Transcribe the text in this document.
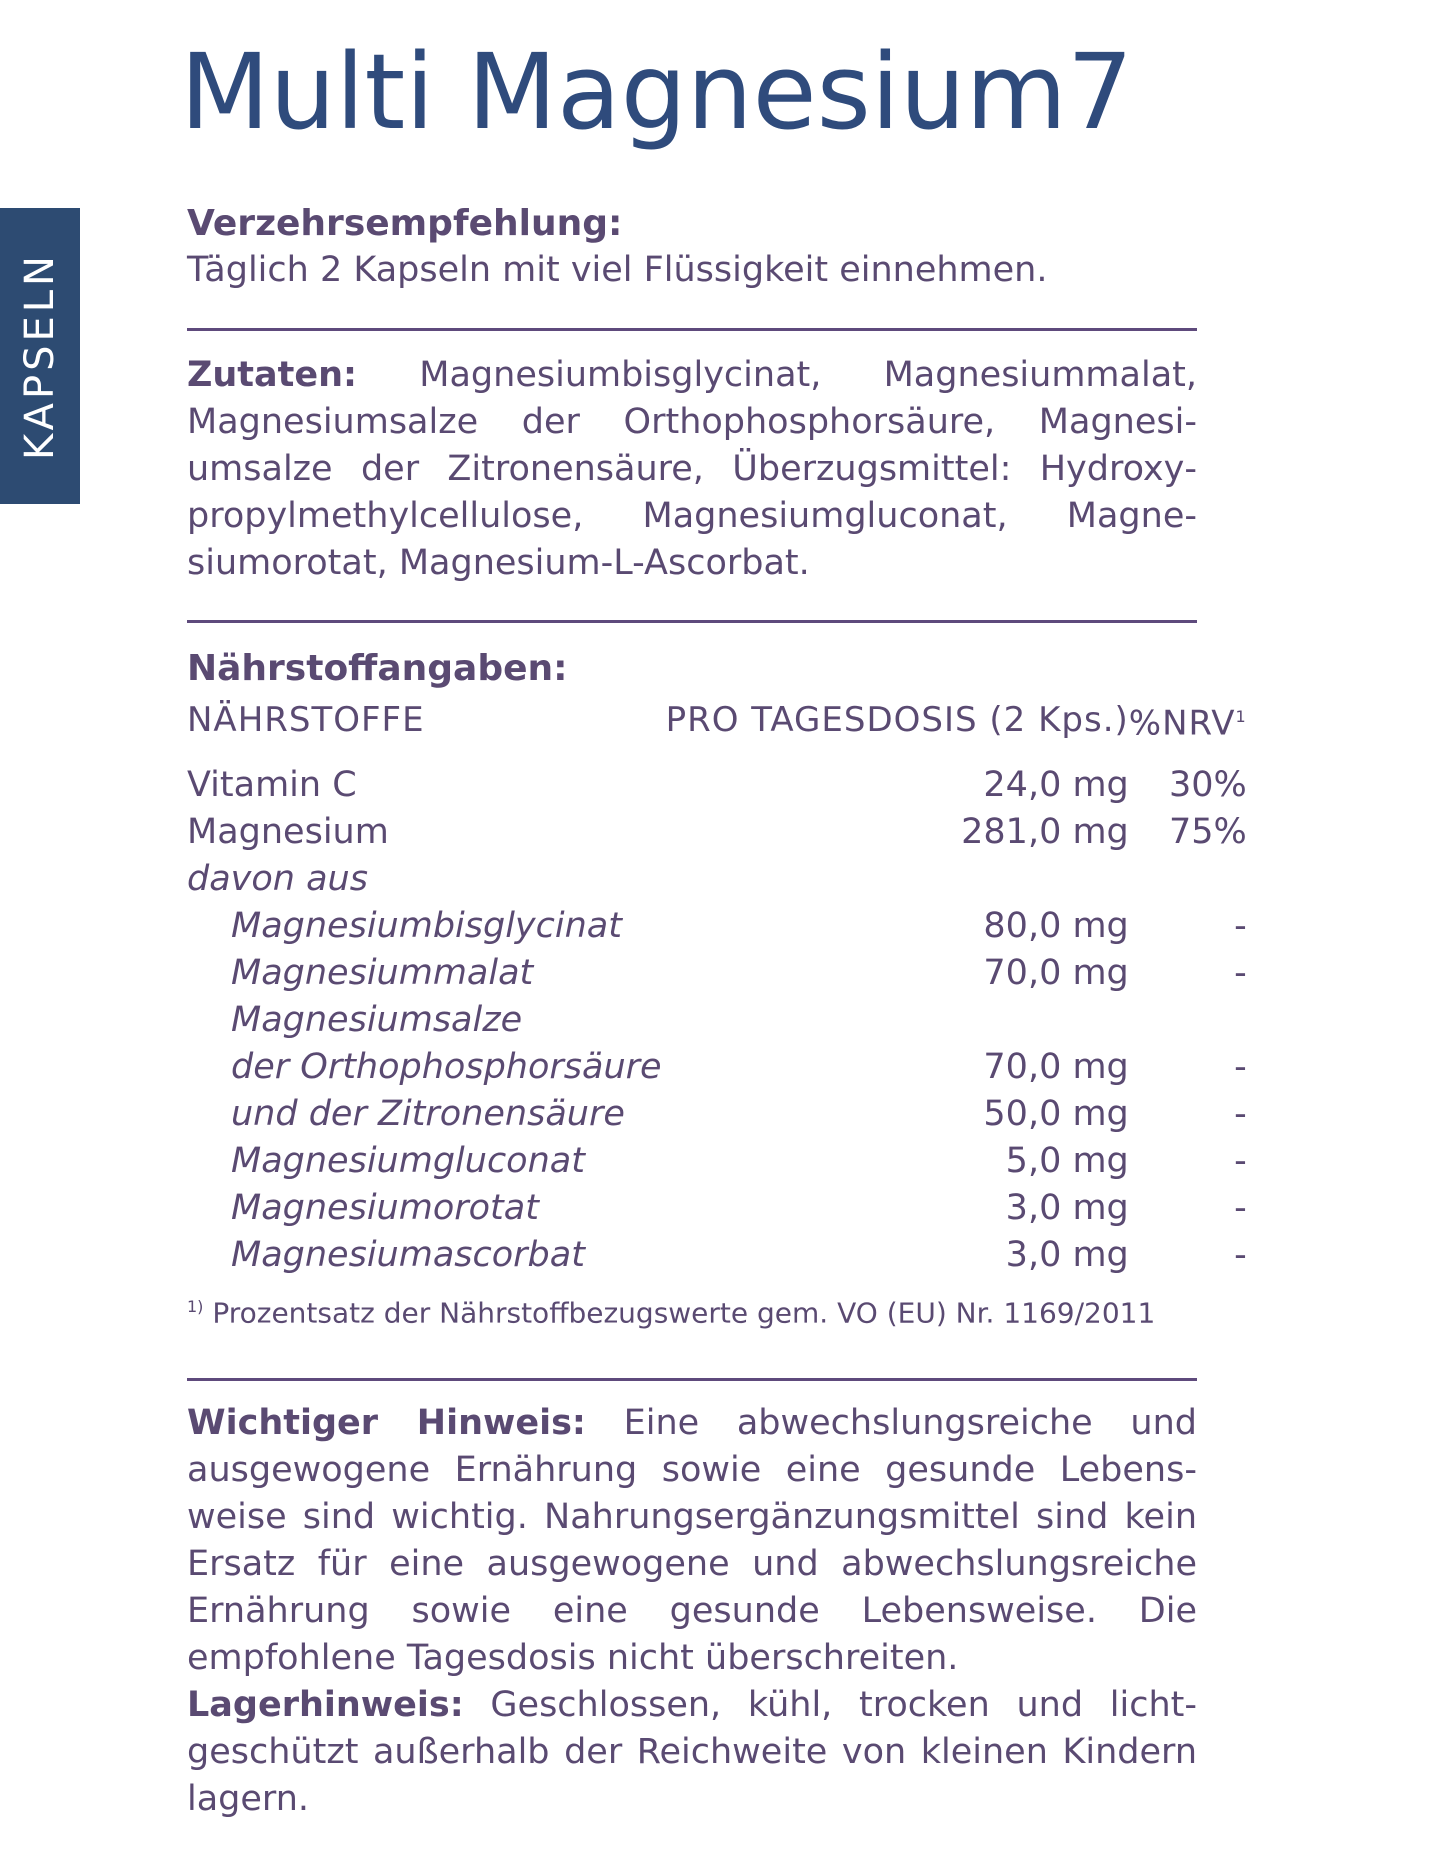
KAPSELN
Multi Magnesium7
Verzehrsempfehlung:
Täglich 2 Kapseln mit viel Flüssigkeit einnehmen.
Zutaten: Magnesiumbisglycinat, Magnesiummalat, Magnesiumsalze der Orthophosphorsäure, Magnesiumsalze der Zitronensäure, Überzugsmittel: Hydroxypropylmethylcellulose, Magnesiumgluconat, Magnesiumorotat, Magnesium-L-Ascorbat.
Nährstoffangaben:
NÄHRSTOFFE	PRO TAGESDOSIS (2 Kps.)	%NRV$^1$

Vitamin C	24,0 mg	30%
Magnesium	281,0 mg	75%
davon aus		
Magnesiumbisglycinat	80,0 mg	-
Magnesiummalat	70,0 mg	-
Magnesiumsalze		
der Orthophosphorsäure	70,0 mg	-
und der Zitronensäure	50,0 mg	-
Magnesiumgluconat	5,0 mg	-
Magnesiumorotat	3,0 mg	-
Magnesiumascorbat	3,0 mg	-
$^{1)}$ Prozentsatz der Nährstoffbezugswerte gem. VO (EU) Nr. 1169/2011
Wichtiger Hinweis: Eine abwechslungsreiche und ausgewogene Ernährung sowie eine gesunde Lebensweise sind wichtig. Nahrungsergänzungsmittel sind kein Ersatz für eine ausgewogene und abwechslungsreiche Ernährung sowie eine gesunde Lebensweise. Die empfohlene Tagesdosis nicht überschreiten.
Lagerhinweis: Geschlossen, kühl, trocken und lichtgeschützt außerhalb der Reichweite von kleinen Kindern lagern.
